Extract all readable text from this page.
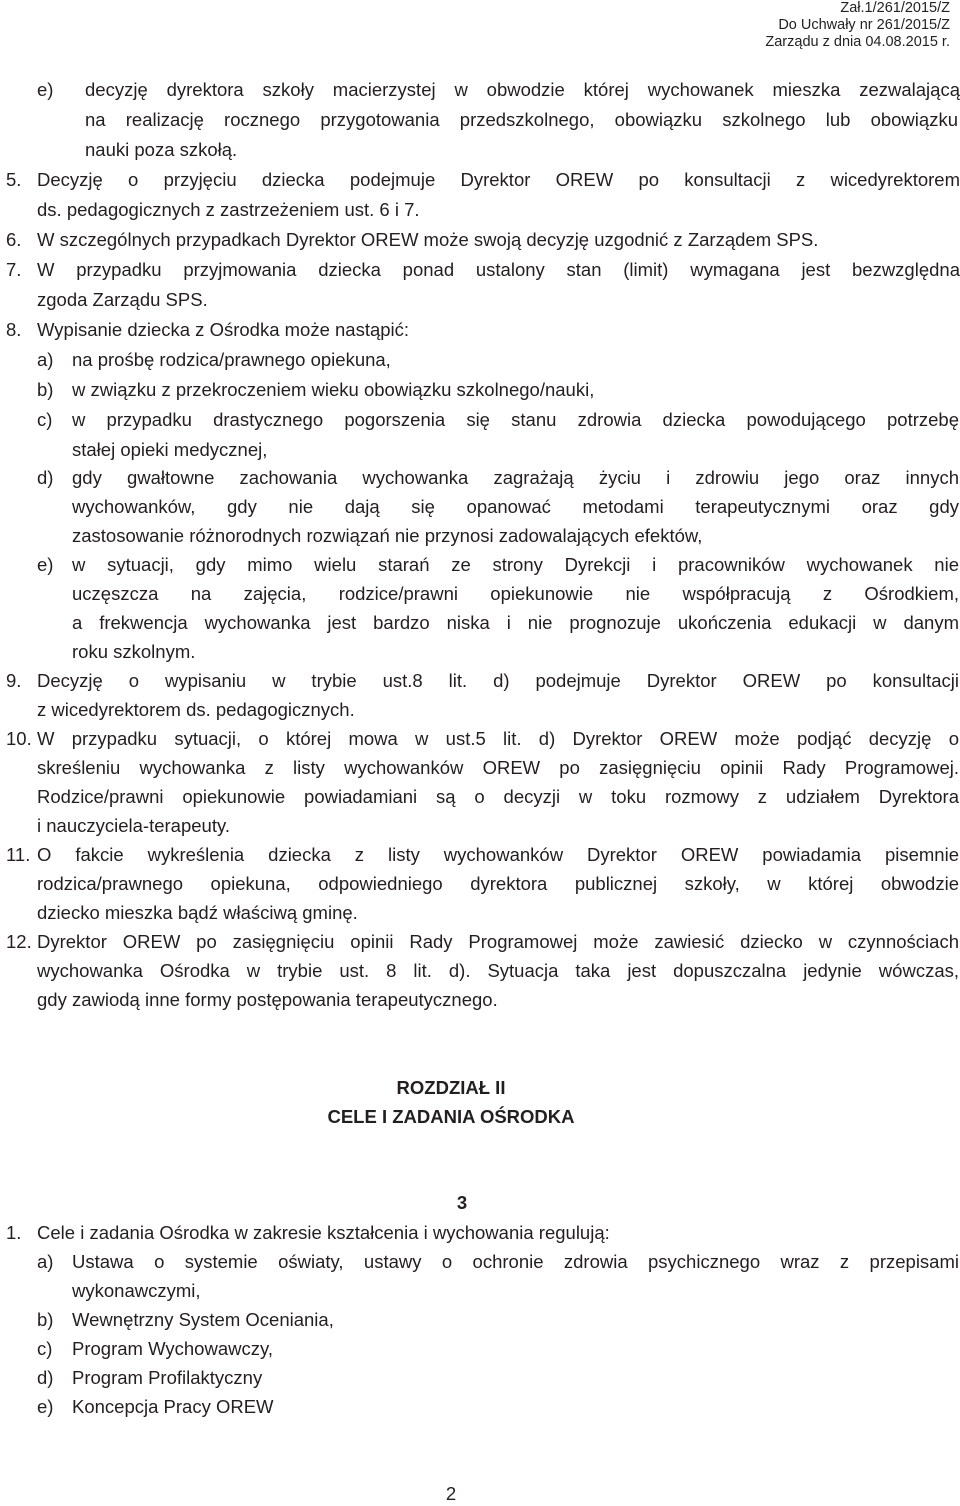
Zał.1/261/2015/Z
Do Uchwały nr 261/2015/Z
Zarządu z dnia 04.08.2015 r.
e) decyzję dyrektora szkoły macierzystej w obwodzie której wychowanek mieszka zezwalającą
na realizację rocznego przygotowania przedszkolnego, obowiązku szkolnego lub obowiązku
nauki poza szkołą.
5. Decyzję o przyjęciu dziecka podejmuje Dyrektor OREW po konsultacji z wicedyrektorem
ds. pedagogicznych z zastrzeżeniem ust. 6 i 7.
6. W szczególnych przypadkach Dyrektor OREW może swoją decyzję uzgodnić z Zarządem SPS.
7. W przypadku przyjmowania dziecka ponad ustalony stan (limit) wymagana jest bezwzględna
zgoda Zarządu SPS.
8. Wypisanie dziecka z Ośrodka może nastąpić:
a) na prośbę rodzica/prawnego opiekuna,
b) w związku z przekroczeniem wieku obowiązku szkolnego/nauki,
c) w przypadku drastycznego pogorszenia się stanu zdrowia dziecka powodującego potrzebę
stałej opieki medycznej,
d) gdy gwałtowne zachowania wychowanka zagrażają życiu i zdrowiu jego oraz innych
wychowanków, gdy nie dają się opanować metodami terapeutycznymi oraz gdy
zastosowanie różnorodnych rozwiązań nie przynosi zadowalających efektów,
e) w sytuacji, gdy mimo wielu starań ze strony Dyrekcji i pracowników wychowanek nie
uczęszcza na zajęcia, rodzice/prawni opiekunowie nie współpracują z Ośrodkiem,
a frekwencja wychowanka jest bardzo niska i nie prognozuje ukończenia edukacji w danym
roku szkolnym.
9. Decyzję o wypisaniu w trybie ust.8 lit. d) podejmuje Dyrektor OREW po konsultacji
z wicedyrektorem ds. pedagogicznych.
10. W przypadku sytuacji, o której mowa w ust.5 lit. d) Dyrektor OREW może podjąć decyzję o
skreśleniu wychowanka z listy wychowanków OREW po zasięgnięciu opinii Rady Programowej.
Rodzice/prawni opiekunowie powiadamiani są o decyzji w toku rozmowy z udziałem Dyrektora
i nauczyciela-terapeuty.
11. O fakcie wykreślenia dziecka z listy wychowanków Dyrektor OREW powiadamia pisemnie
rodzica/prawnego opiekuna, odpowiedniego dyrektora publicznej szkoły, w której obwodzie
dziecko mieszka bądź właściwą gminę.
12. Dyrektor OREW po zasięgnięciu opinii Rady Programowej może zawiesić dziecko w czynnościach
wychowanka Ośrodka w trybie ust. 8 lit. d). Sytuacja taka jest dopuszczalna jedynie wówczas,
gdy zawiodą inne formy postępowania terapeutycznego.
ROZDZIAŁ II
CELE I ZADANIA OŚRODKA
3
1. Cele i zadania Ośrodka w zakresie kształcenia i wychowania regulują:
a) Ustawa o systemie oświaty, ustawy o ochronie zdrowia psychicznego wraz z przepisami
wykonawczymi,
b) Wewnętrzny System Oceniania,
c) Program Wychowawczy,
d) Program Profilaktyczny
e) Koncepcja Pracy OREW
2
